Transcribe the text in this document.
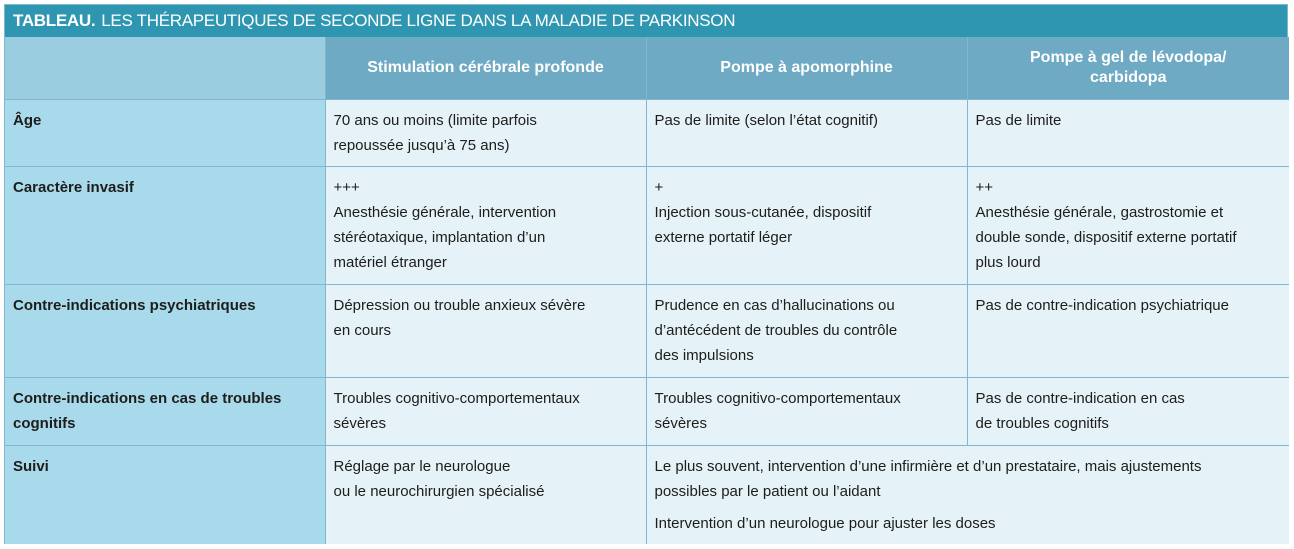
TABLEAU. LES THÉRAPEUTIQUES DE SECONDE LIGNE DANS LA MALADIE DE PARKINSON
	Stimulation cérébrale profonde	Pompe à apomorphine	Pompe à gel de lévodopa/
carbidopa

Âge	70 ans ou moins (limite parfois
repoussée jusqu’à 75 ans)	Pas de limite (selon l’état cognitif)	Pas de limite

Caractère invasif	+++
Anesthésie générale, intervention
stéréotaxique, implantation d’un
matériel étranger	+
Injection sous-cutanée, dispositif
externe portatif léger	++
Anesthésie générale, gastrostomie et
double sonde, dispositif externe portatif
plus lourd

Contre-indications psychiatriques	Dépression ou trouble anxieux sévère
en cours	Prudence en cas d’hallucinations ou
d’antécédent de troubles du contrôle
des impulsions	Pas de contre-indication psychiatrique

Contre-indications en cas de troubles
cognitifs	Troubles cognitivo-comportementaux
sévères	Troubles cognitivo-comportementaux
sévères	Pas de contre-indication en cas
de troubles cognitifs

Suivi	Réglage par le neurologue
ou le neurochirurgien spécialisé	Le plus souvent, intervention d’une infirmière et d’un prestataire, mais ajustements
possibles par le patient ou l’aidant
Intervention d’un neurologue pour ajuster les doses	
